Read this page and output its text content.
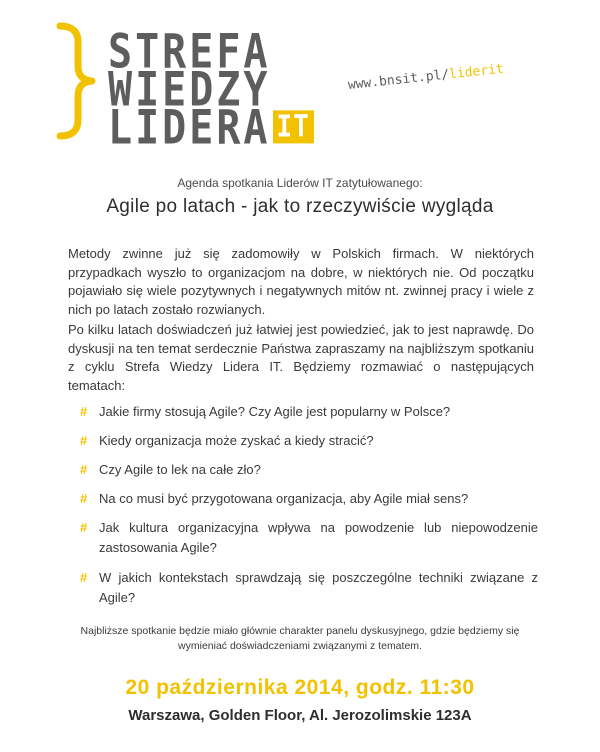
STREFA
WIEDZY
LIDERA IT
www.bnsit.pl/liderit
Agenda spotkania Liderów IT zatytułowanego:
Agile po latach - jak to rzeczywiście wygląda
Metody zwinne już się zadomowiły w Polskich firmach. W niektórych przypadkach wyszło to organizacjom na dobre, w niektórych nie. Od początku pojawiało się wiele pozytywnych i negatywnych mitów nt. zwinnej pracy i wiele z nich po latach zostało rozwianych.
Po kilku latach doświadczeń już łatwiej jest powiedzieć, jak to jest naprawdę. Do dyskusji na ten temat serdecznie Państwa zapraszamy na najbliższym spotkaniu z cyklu Strefa Wiedzy Lidera IT. Będziemy rozmawiać o następujących tematach:
# Jakie firmy stosują Agile? Czy Agile jest popularny w Polsce?
# Kiedy organizacja może zyskać a kiedy stracić?
# Czy Agile to lek na całe zło?
# Na co musi być przygotowana organizacja, aby Agile miał sens?
# Jak kultura organizacyjna wpływa na powodzenie lub niepowodzenie zastosowania Agile?
# W jakich kontekstach sprawdzają się poszczególne techniki związane z Agile?
Najbliższe spotkanie będzie miało głównie charakter panelu dyskusyjnego, gdzie będziemy się wymieniać doświadczeniami związanymi z tematem.
20 października 2014, godz. 11:30
Warszawa, Golden Floor, Al. Jerozolimskie 123A
